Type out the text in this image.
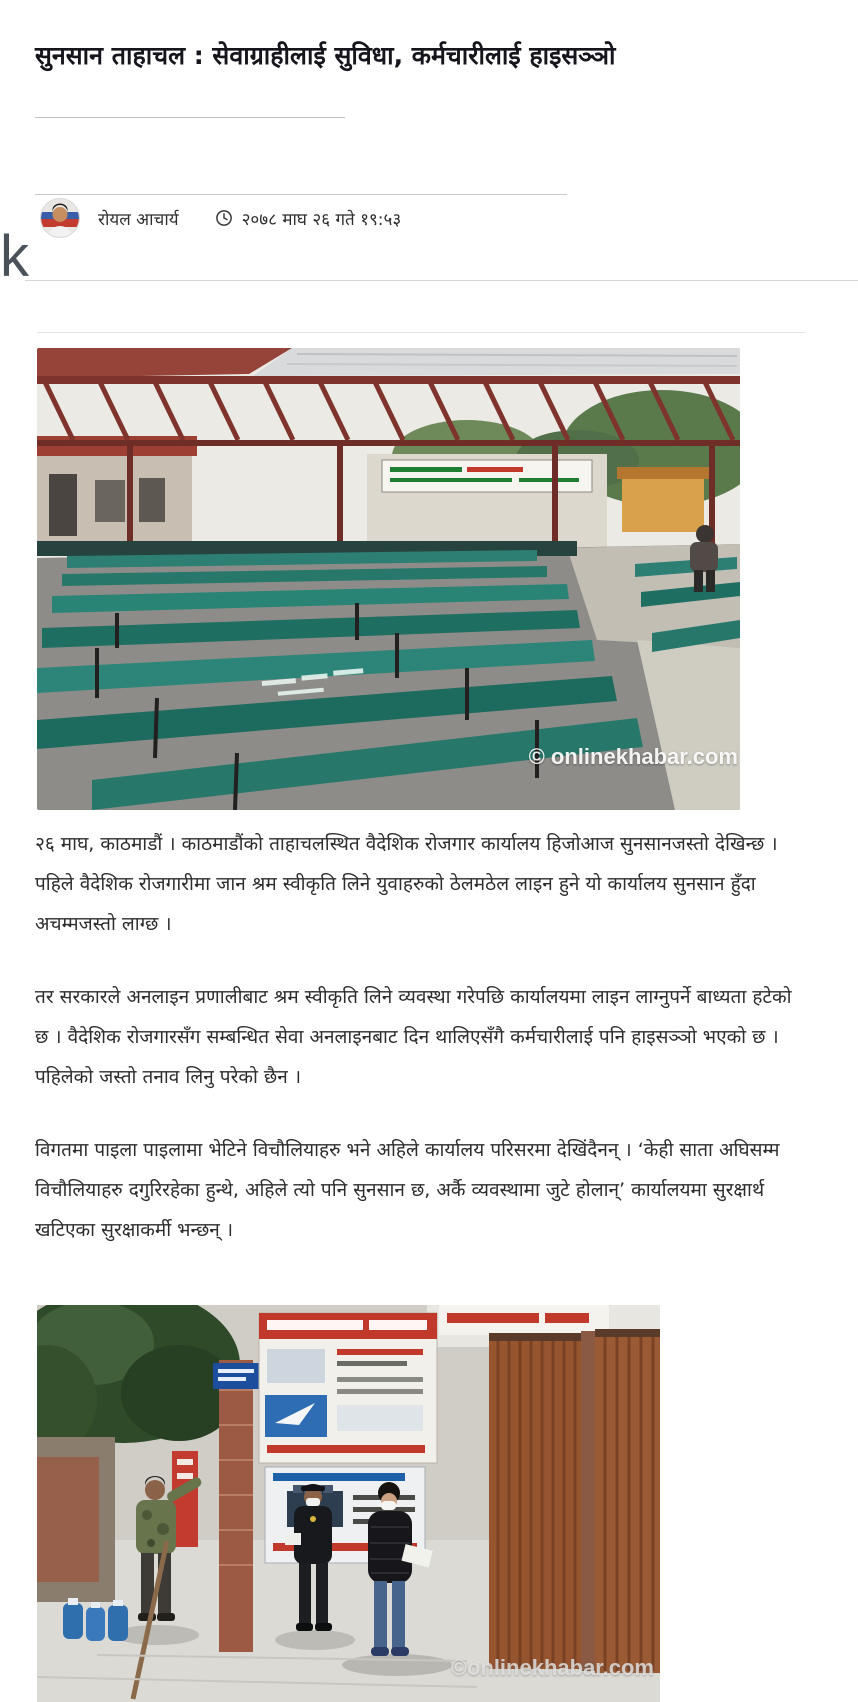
सुनसान ताहाचल : सेवाग्राहीलाई सुविधा, कर्मचारीलाई हाइसञ्ञो
रोयल आचार्य	२०७८ माघ २६ गते १९:५३
k
© onlinekhabar.com

२६ माघ, काठमाडौं । काठमाडौंको ताहाचलस्थित वैदेशिक रोजगार कार्यालय हिजोआज सुनसानजस्तो देखिन्छ । पहिले वैदेशिक रोजगारीमा जान श्रम स्वीकृति लिने युवाहरुको ठेलमठेल लाइन हुने यो कार्यालय सुनसान हुँदा अचम्मजस्तो लाग्छ ।

तर सरकारले अनलाइन प्रणालीबाट श्रम स्वीकृति लिने व्यवस्था गरेपछि कार्यालयमा लाइन लाग्नुपर्ने बाध्यता हटेको छ । वैदेशिक रोजगारसँग सम्बन्धित सेवा अनलाइनबाट दिन थालिएसँगै कर्मचारीलाई पनि हाइसञ्ञो भएको छ । पहिलेको जस्तो तनाव लिनु परेको छैन ।

विगतमा पाइला पाइलामा भेटिने विचौलियाहरु भने अहिले कार्यालय परिसरमा देखिंदैनन् । ‘केही साता अघिसम्म विचौलियाहरु दगुरिरहेका हुन्थे, अहिले त्यो पनि सुनसान छ, अर्कै व्यवस्थामा जुटे होलान्’ कार्यालयमा सुरक्षार्थ खटिएका सुरक्षाकर्मी भन्छन् ।

©onlinekhabar.com
